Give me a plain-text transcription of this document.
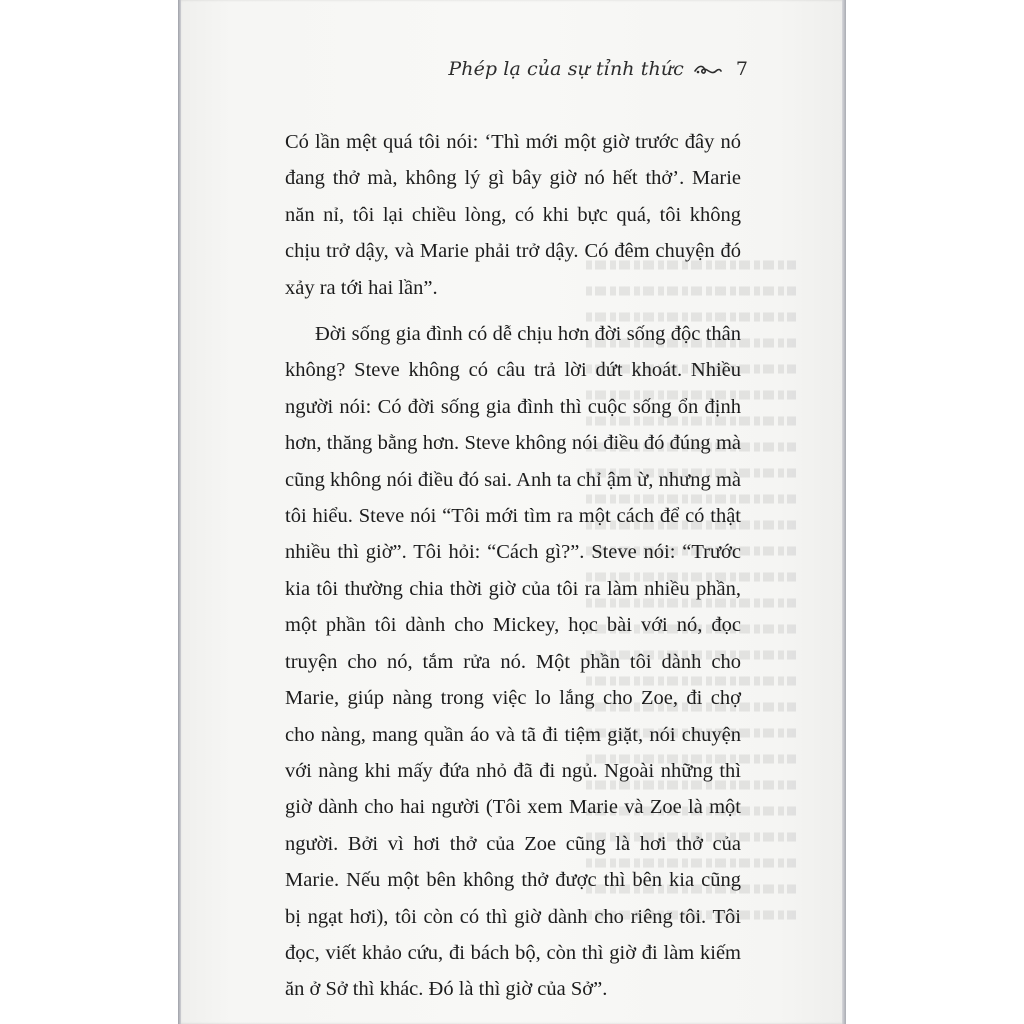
Phép lạ của sự tỉnh thức	7

Có lần mệt quá tôi nói: ‘Thì mới một giờ trước đây nó đang thở mà, không lý gì bây giờ nó hết thở’. Marie năn nỉ, tôi lại chiều lòng, có khi bực quá, tôi không chịu trở dậy, và Marie phải trở dậy. Có đêm chuyện đó xảy ra tới hai lần”.

Đời sống gia đình có dễ chịu hơn đời sống độc thân không? Steve không có câu trả lời dứt khoát. Nhiều người nói: Có đời sống gia đình thì cuộc sống ổn định hơn, thăng bằng hơn. Steve không nói điều đó đúng mà cũng không nói điều đó sai. Anh ta chỉ ậm ừ, nhưng mà tôi hiểu. Steve nói “Tôi mới tìm ra một cách để có thật nhiều thì giờ”. Tôi hỏi: “Cách gì?”. Steve nói: “Trước kia tôi thường chia thời giờ của tôi ra làm nhiều phần, một phần tôi dành cho Mickey, học bài với nó, đọc truyện cho nó, tắm rửa nó. Một phần tôi dành cho Marie, giúp nàng trong việc lo lắng cho Zoe, đi chợ cho nàng, mang quần áo và tã đi tiệm giặt, nói chuyện với nàng khi mấy đứa nhỏ đã đi ngủ. Ngoài những thì giờ dành cho hai người (Tôi xem Marie và Zoe là một người. Bởi vì hơi thở của Zoe cũng là hơi thở của Marie. Nếu một bên không thở được thì bên kia cũng bị ngạt hơi), tôi còn có thì giờ dành cho riêng tôi. Tôi đọc, viết khảo cứu, đi bách bộ, còn thì giờ đi làm kiếm ăn ở Sở thì khác. Đó là thì giờ của Sở”.
